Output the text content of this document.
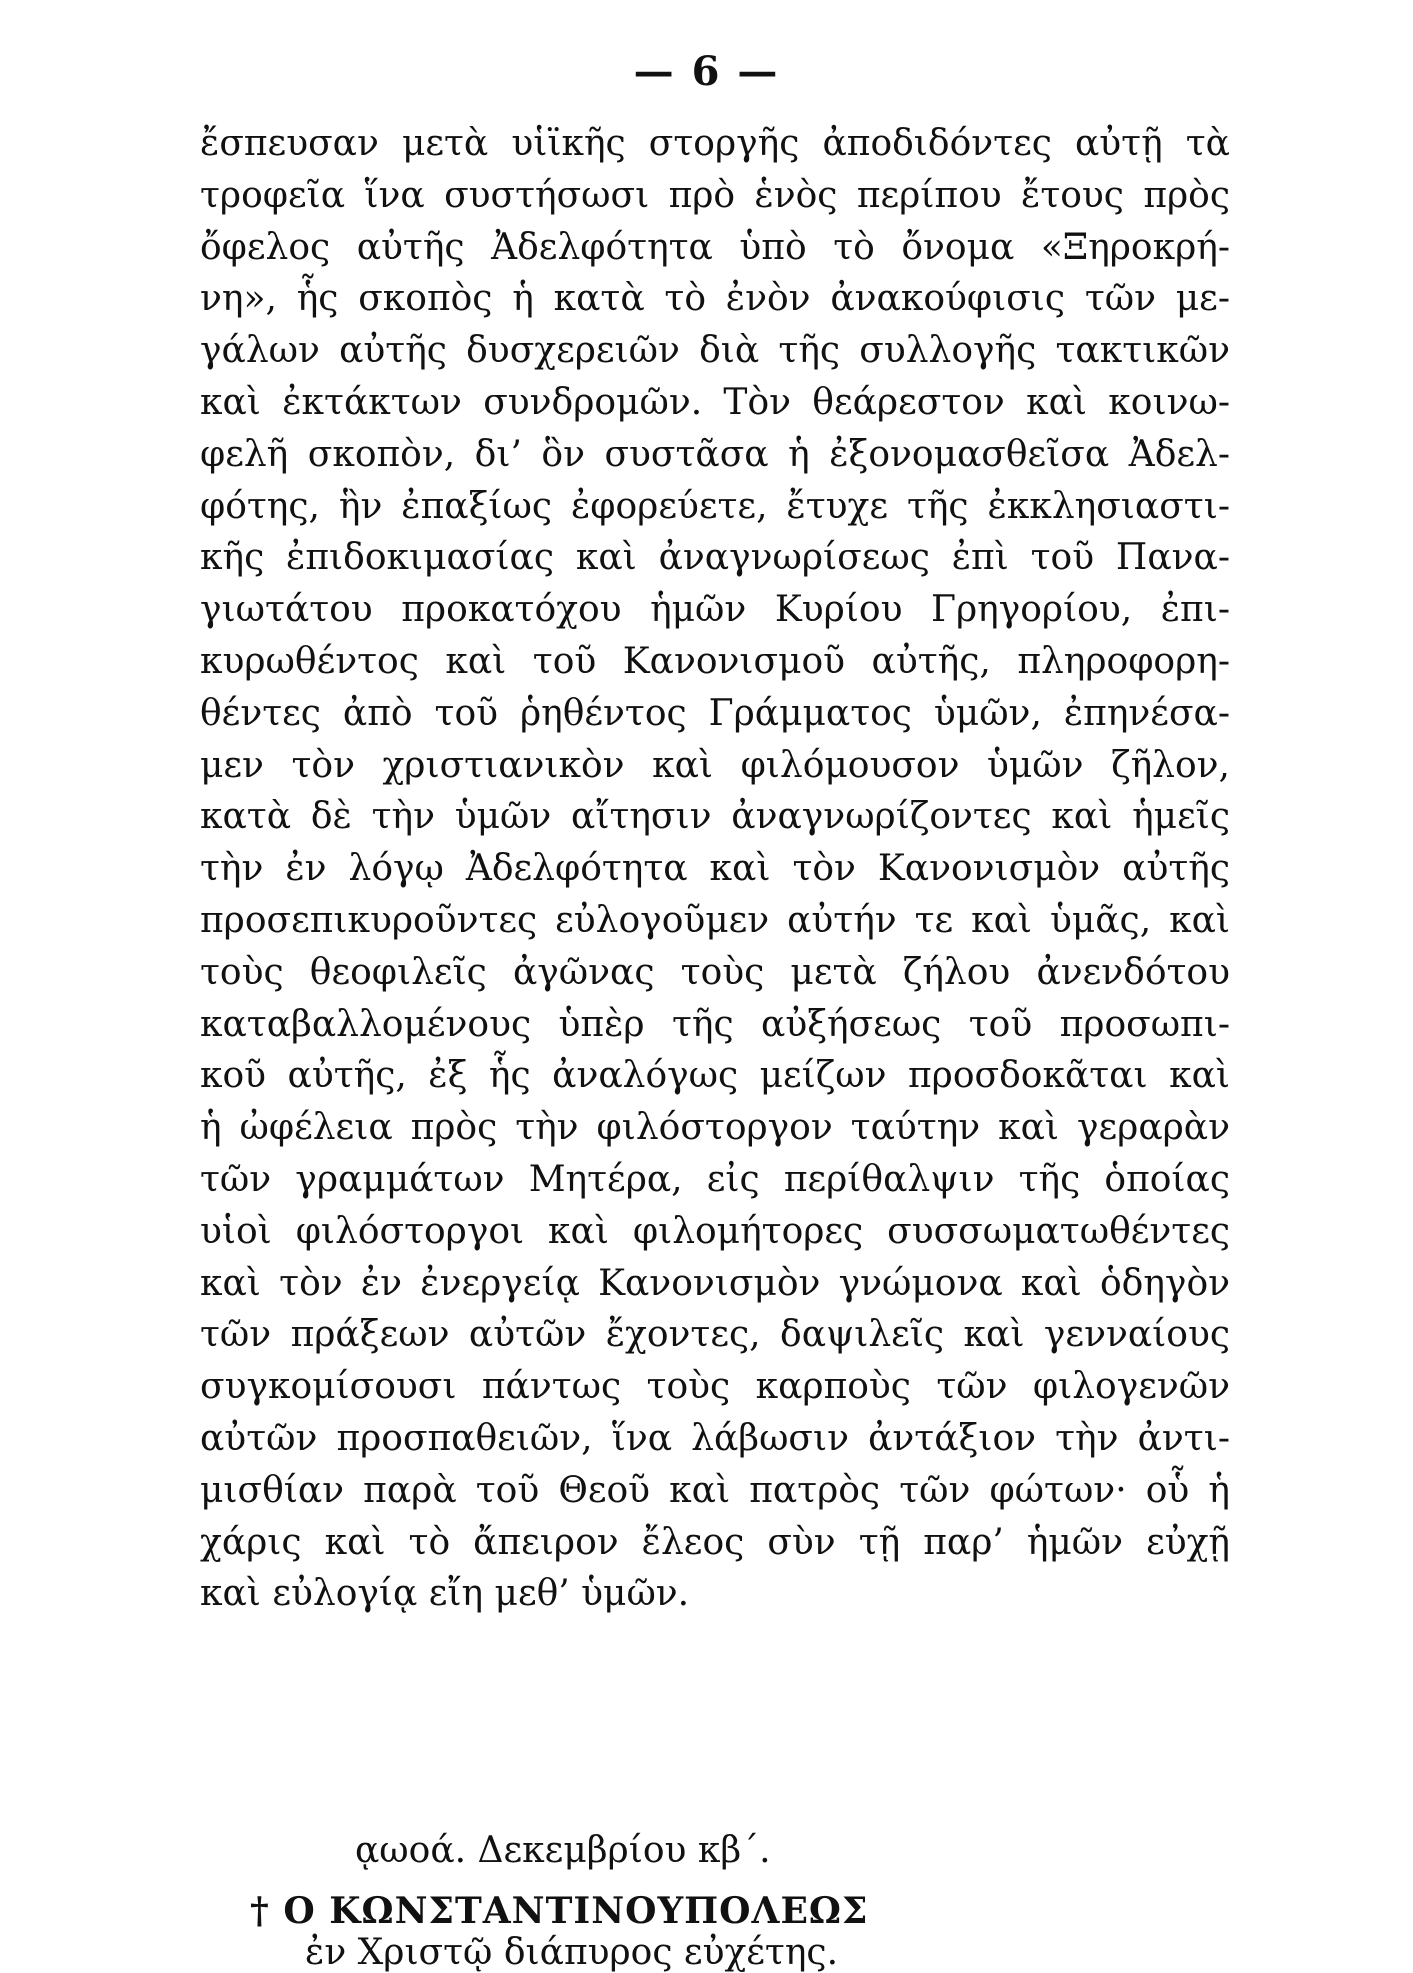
— 6 —
ἔσπευσαν μετὰ υἱϊκῆς στοργῆς ἀποδιδόντες αὐτῇ τὰ
τροφεῖα ἵνα συστήσωσι πρὸ ἑνὸς περίπου ἔτους πρὸς
ὄφελος αὐτῆς Ἀδελφότητα ὑπὸ τὸ ὄνομα «Ξηροκρή-
νη», ἧς σκοπὸς ἡ κατὰ τὸ ἐνὸν ἀνακούφισις τῶν με-
γάλων αὐτῆς δυσχερειῶν διὰ τῆς συλλογῆς τακτικῶν
καὶ ἐκτάκτων συνδρομῶν. Τὸν θεάρεστον καὶ κοινω-
φελῆ σκοπὸν, δι’ ὃν συστᾶσα ἡ ἐξονομασθεῖσα Ἀδελ-
φότης, ἣν ἐπαξίως ἐφορεύετε, ἔτυχε τῆς ἐκκλησιαστι-
κῆς ἐπιδοκιμασίας καὶ ἀναγνωρίσεως ἐπὶ τοῦ Πανα-
γιωτάτου προκατόχου ἡμῶν Κυρίου Γρηγορίου, ἐπι-
κυρωθέντος καὶ τοῦ Κανονισμοῦ αὐτῆς, πληροφορη-
θέντες ἀπὸ τοῦ ῥηθέντος Γράμματος ὑμῶν, ἐπηνέσα-
μεν τὸν χριστιανικὸν καὶ φιλόμουσον ὑμῶν ζῆλον,
κατὰ δὲ τὴν ὑμῶν αἴτησιν ἀναγνωρίζοντες καὶ ἡμεῖς
τὴν ἐν λόγῳ Ἀδελφότητα καὶ τὸν Κανονισμὸν αὐτῆς
προσεπικυροῦντες εὐλογοῦμεν αὐτήν τε καὶ ὑμᾶς, καὶ
τοὺς θεοφιλεῖς ἀγῶνας τοὺς μετὰ ζήλου ἀνενδότου
καταβαλλομένους ὑπὲρ τῆς αὐξήσεως τοῦ προσωπι-
κοῦ αὐτῆς, ἐξ ἧς ἀναλόγως μείζων προσδοκᾶται καὶ
ἡ ὠφέλεια πρὸς τὴν φιλόστοργον ταύτην καὶ γεραρὰν
τῶν γραμμάτων Μητέρα, εἰς περίθαλψιν τῆς ὁποίας
υἱοὶ φιλόστοργοι καὶ φιλομήτορες συσσωματωθέντες
καὶ τὸν ἐν ἐνεργείᾳ Κανονισμὸν γνώμονα καὶ ὁδηγὸν
τῶν πράξεων αὐτῶν ἔχοντες, δαψιλεῖς καὶ γενναίους
συγκομίσουσι πάντως τοὺς καρποὺς τῶν φιλογενῶν
αὐτῶν προσπαθειῶν, ἵνα λάβωσιν ἀντάξιον τὴν ἀντι-
μισθίαν παρὰ τοῦ Θεοῦ καὶ πατρὸς τῶν φώτων· οὗ ἡ
χάρις καὶ τὸ ἄπειρον ἔλεος σὺν τῇ παρ’ ἡμῶν εὐχῇ
καὶ εὐλογίᾳ εἴη μεθ’ ὑμῶν.
ᾳωοά. Δεκεμβρίου κβ΄.
† Ο ΚΩΝΣΤΑΝΤΙΝΟΥΠΟΛΕΩΣ
ἐν Χριστῷ διάπυρος εὐχέτης.
